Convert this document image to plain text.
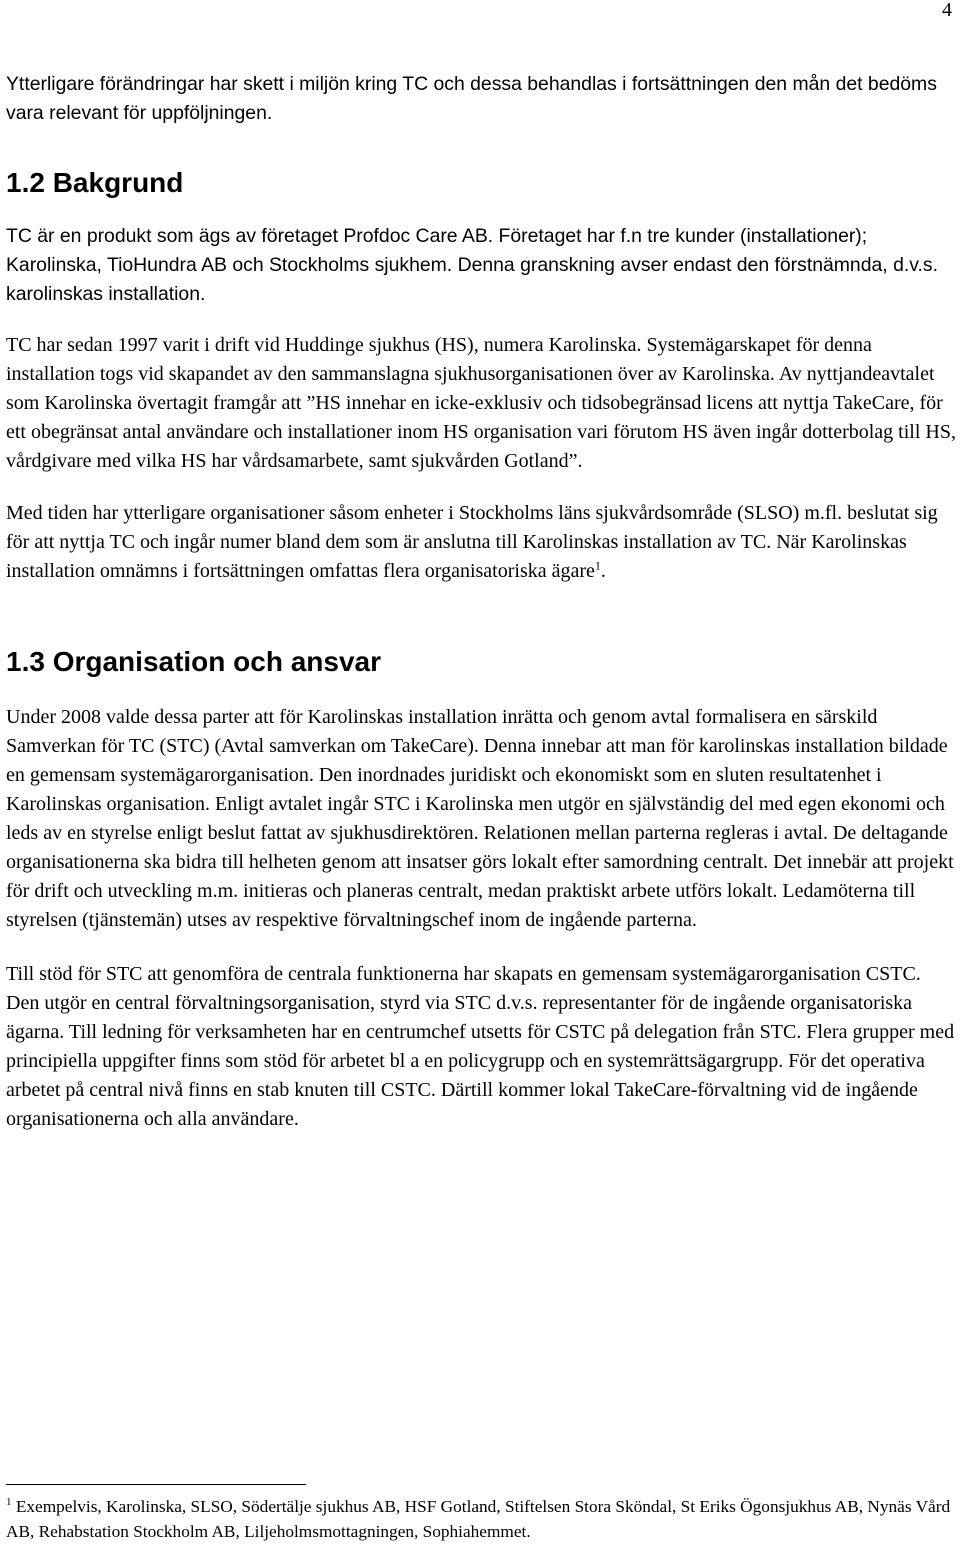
4

Ytterligare förändringar har skett i miljön kring TC och dessa behandlas i fortsättningen den mån det bedöms vara relevant för uppföljningen.

1.2 Bakgrund

TC är en produkt som ägs av företaget Profdoc Care AB. Företaget har f.n tre kunder (installationer); Karolinska, TioHundra AB och Stockholms sjukhem. Denna granskning avser endast den förstnämnda, d.v.s. karolinskas installation.

TC har sedan 1997 varit i drift vid Huddinge sjukhus (HS), numera Karolinska. Systemägarskapet för denna installation togs vid skapandet av den sammanslagna sjukhusorganisationen över av Karolinska. Av nyttjandeavtalet som Karolinska övertagit framgår att ”HS innehar en icke-exklusiv och tidsobegränsad licens att nyttja TakeCare, för ett obegränsat antal användare och installationer inom HS organisation vari förutom HS även ingår dotterbolag till HS, vårdgivare med vilka HS har vårdsamarbete, samt sjukvården Gotland”.

Med tiden har ytterligare organisationer såsom enheter i Stockholms läns sjukvårdsområde (SLSO) m.fl. beslutat sig för att nyttja TC och ingår numer bland dem som är anslutna till Karolinskas installation av TC. När Karolinskas installation omnämns i fortsättningen omfattas flera organisatoriska ägare$^1$.

1.3 Organisation och ansvar

Under 2008 valde dessa parter att för Karolinskas installation inrätta och genom avtal formalisera en särskild Samverkan för TC (STC) (Avtal samverkan om TakeCare). Denna innebar att man för karolinskas installation bildade en gemensam systemägarorganisation. Den inordnades juridiskt och ekonomiskt som en sluten resultatenhet i Karolinskas organisation. Enligt avtalet ingår STC i Karolinska men utgör en självständig del med egen ekonomi och leds av en styrelse enligt beslut fattat av sjukhusdirektören. Relationen mellan parterna regleras i avtal. De deltagande organisationerna ska bidra till helheten genom att insatser görs lokalt efter samordning centralt. Det innebär att projekt för drift och utveckling m.m. initieras och planeras centralt, medan praktiskt arbete utförs lokalt. Ledamöterna till styrelsen (tjänstemän) utses av respektive förvaltningschef inom de ingående parterna.

Till stöd för STC att genomföra de centrala funktionerna har skapats en gemensam systemägarorganisation CSTC. Den utgör en central förvaltningsorganisation, styrd via STC d.v.s. representanter för de ingående organisatoriska ägarna. Till ledning för verksamheten har en centrumchef utsetts för CSTC på delegation från STC. Flera grupper med principiella uppgifter finns som stöd för arbetet bl a en policygrupp och en systemrättsägargrupp. För det operativa arbetet på central nivå finns en stab knuten till CSTC. Därtill kommer lokal TakeCare-förvaltning vid de ingående organisationerna och alla användare.

$^1$ Exempelvis, Karolinska, SLSO, Södertälje sjukhus AB, HSF Gotland, Stiftelsen Stora Sköndal, St Eriks Ögonsjukhus AB, Nynäs Vård AB, Rehabstation Stockholm AB, Liljeholmsmottagningen, Sophiahemmet.
